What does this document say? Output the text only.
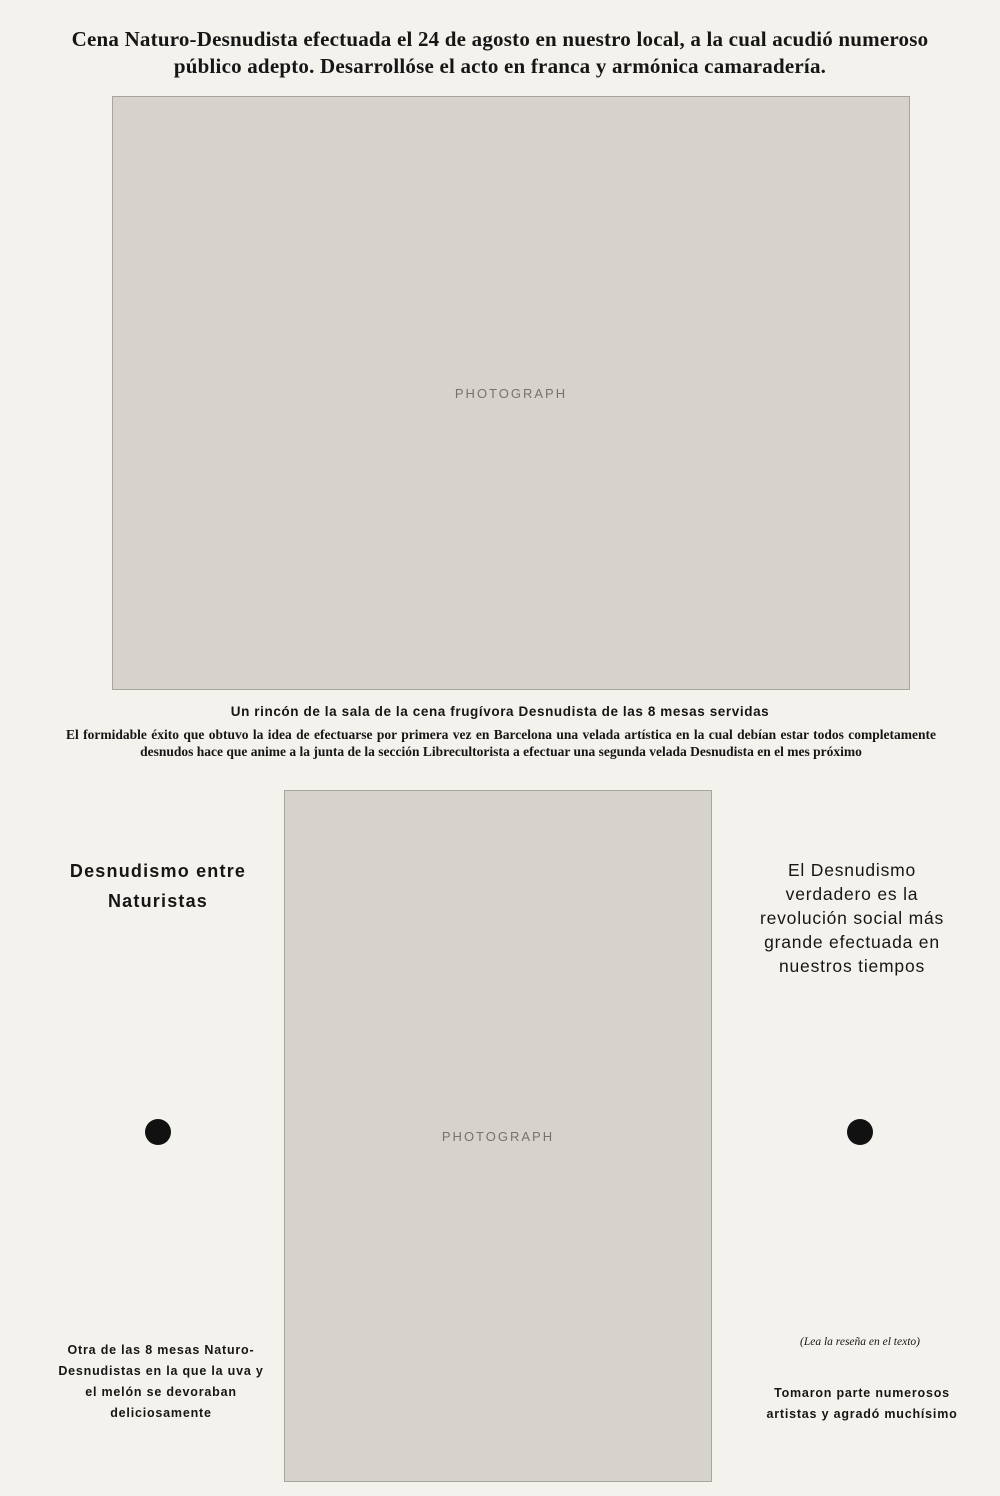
Cena Naturo-Desnudista efectuada el 24 de agosto en nuestro local, a la cual acudió numeroso público adepto. Desarrollóse el acto en franca y armónica camaradería.
PHOTOGRAPH
Un rincón de la sala de la cena frugívora Desnudista de las 8 mesas servidas
El formidable éxito que obtuvo la idea de efectuarse por primera vez en Barcelona una velada artística en la cual debían estar todos completamente desnudos hace que anime a la junta de la sección Librecultorista a efectuar una segunda velada Desnudista en el mes próximo
PHOTOGRAPH
Desnudismo entre Naturistas
El Desnudismo verdadero es la revolución social más grande efectuada en nuestros tiempos
(Lea la reseña en el texto)
Otra de las 8 mesas Naturo-Desnudistas en la que la uva y el melón se devoraban deliciosamente
Tomaron parte numerosos artistas y agradó muchísimo
